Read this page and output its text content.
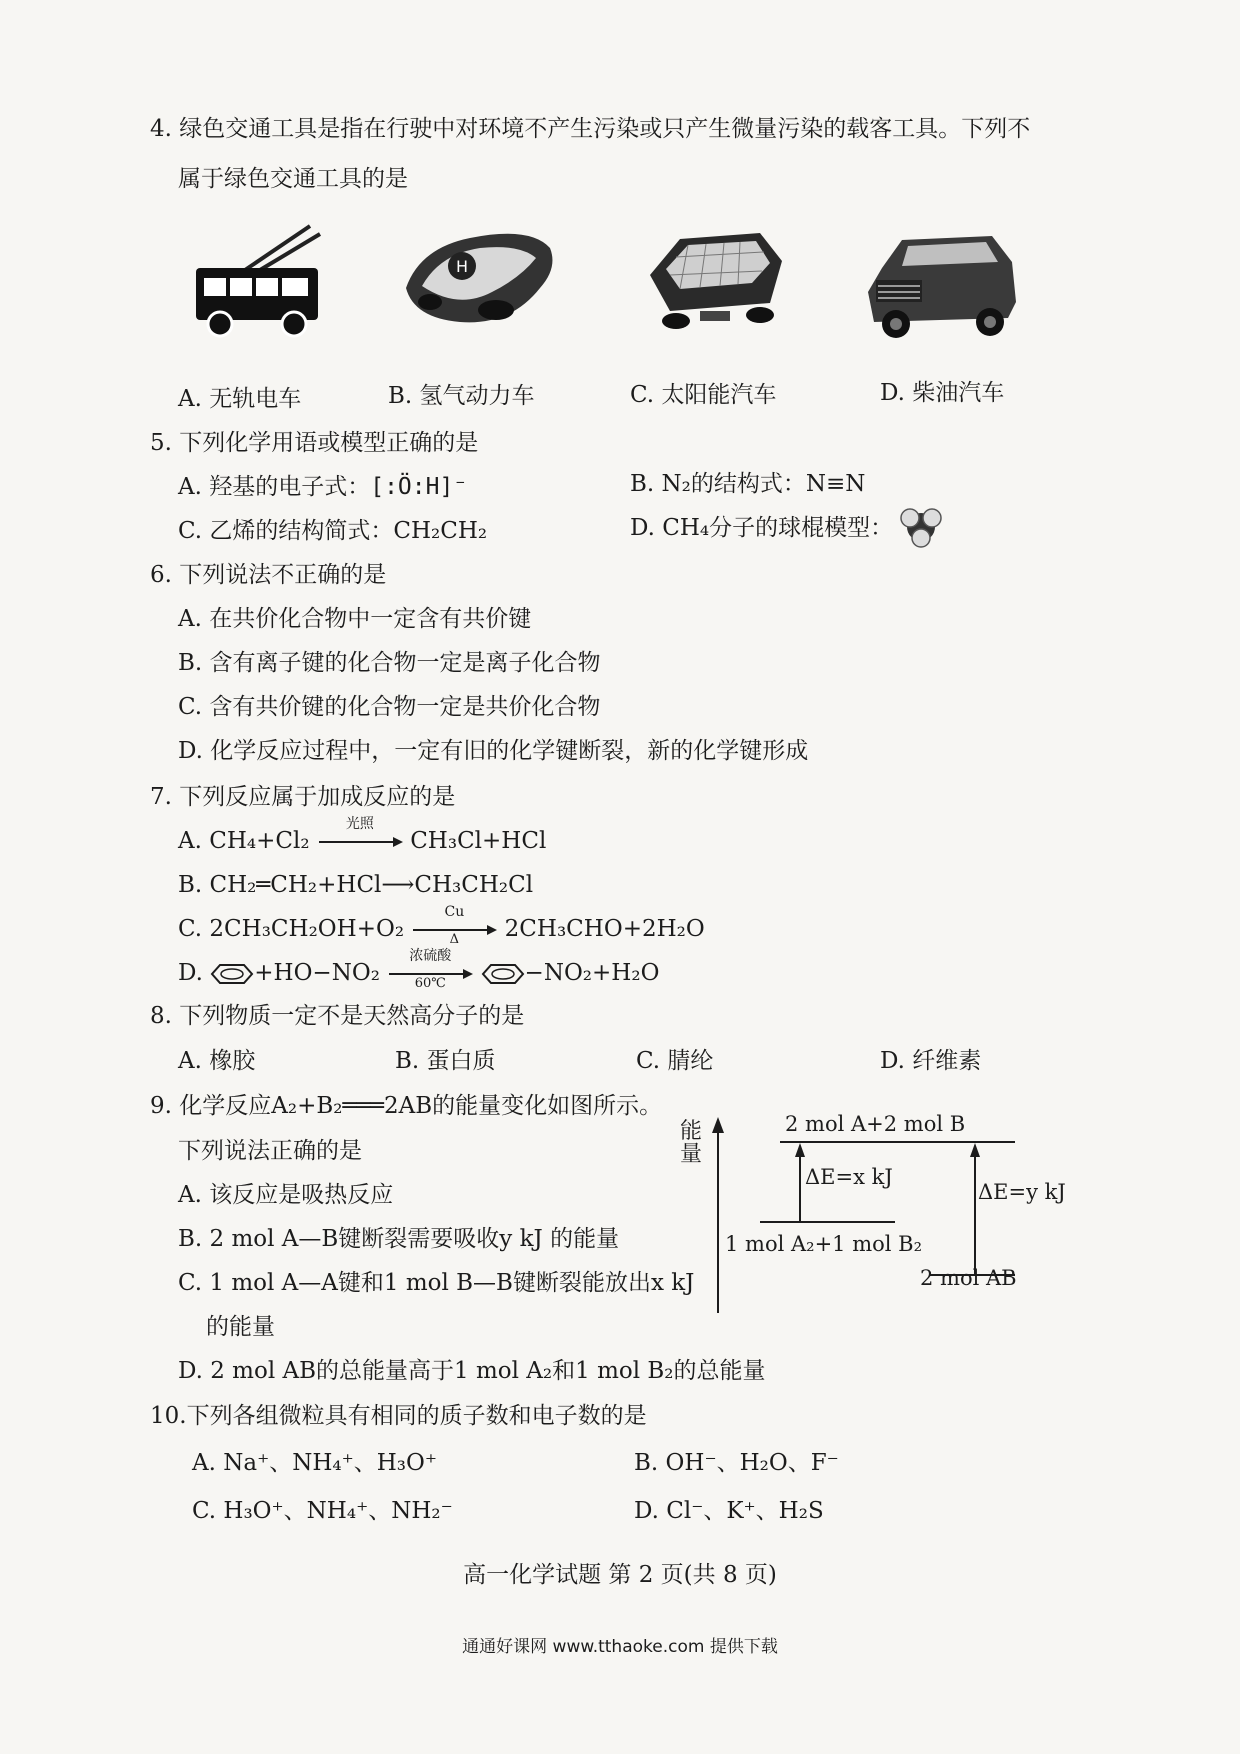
4. 绿色交通工具是指在行驶中对环境不产生污染或只产生微量污染的载客工具。下列不
属于绿色交通工具的是
H
A. 无轨电车	B. 氢气动力车	C. 太阳能汽车	D. 柴油汽车
5. 下列化学用语或模型正确的是
A. 羟基的电子式：[:Ö:H]⁻	B. N₂的结构式：N≡N
C. 乙烯的结构简式：CH₂CH₂	D. CH₄分子的球棍模型：
6. 下列说法不正确的是
A. 在共价化合物中一定含有共价键
B. 含有离子键的化合物一定是离子化合物
C. 含有共价键的化合物一定是共价化合物
D. 化学反应过程中，一定有旧的化学键断裂，新的化学键形成
7. 下列反应属于加成反应的是
A. CH₄+Cl₂
光照
CH₃Cl+HCl
B. CH₂═CH₂+HCl⟶CH₃CH₂Cl
C. 2CH₃CH₂OH+O₂
Cu
Δ	2CH₃CHO+2H₂O
D. +HO−NO₂
浓硫酸
60℃	−NO₂+H₂O
8. 下列物质一定不是天然高分子的是
A. 橡胶	B. 蛋白质	C. 腈纶	D. 纤维素
9. 化学反应A₂+B₂═══2AB的能量变化如图所示。
下列说法正确的是
A. 该反应是吸热反应
B. 2 mol A—B键断裂需要吸收y kJ 的能量
C. 1 mol A—A键和1 mol B—B键断裂能放出x kJ
的能量
D. 2 mol AB的总能量高于1 mol A₂和1 mol B₂的总能量
能量
2 mol A+2 mol B
ΔE=x kJ
ΔE=y kJ
1 mol A₂+1 mol B₂
2 mol AB
10.下列各组微粒具有相同的质子数和电子数的是
A. Na⁺、NH₄⁺、H₃O⁺	B. OH⁻、H₂O、F⁻
C. H₃O⁺、NH₄⁺、NH₂⁻	D. Cl⁻、K⁺、H₂S
高一化学试题 第 2 页(共 8 页)
通通好课网 www.tthaoke.com 提供下载
